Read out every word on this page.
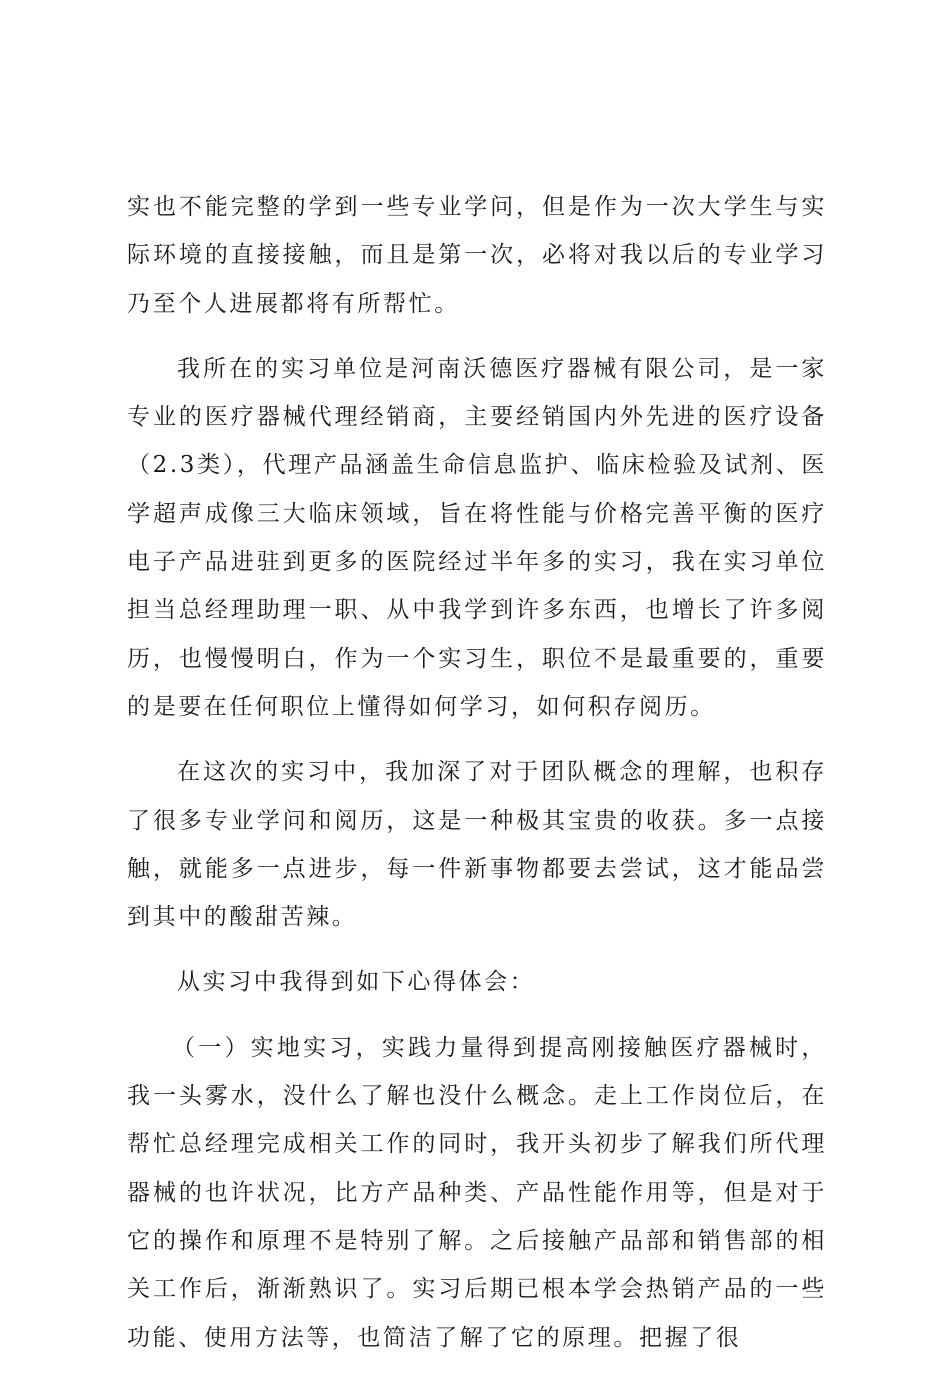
实也不能完整的学到一些专业学问，但是作为一次大学生与实际环境的直接接触，而且是第一次，必将对我以后的专业学习乃至个人进展都将有所帮忙。

我所在的实习单位是河南沃德医疗器械有限公司，是一家专业的医疗器械代理经销商，主要经销国内外先进的医疗设备（2.3类），代理产品涵盖生命信息监护、临床检验及试剂、医学超声成像三大临床领域，旨在将性能与价格完善平衡的医疗电子产品进驻到更多的医院经过半年多的实习，我在实习单位担当总经理助理一职、从中我学到许多东西，也增长了许多阅历，也慢慢明白，作为一个实习生，职位不是最重要的，重要的是要在任何职位上懂得如何学习，如何积存阅历。

在这次的实习中，我加深了对于团队概念的理解，也积存了很多专业学问和阅历，这是一种极其宝贵的收获。多一点接触，就能多一点进步，每一件新事物都要去尝试，这才能品尝到其中的酸甜苦辣。

从实习中我得到如下心得体会：

（一）实地实习，实践力量得到提高刚接触医疗器械时，我一头雾水，没什么了解也没什么概念。走上工作岗位后，在帮忙总经理完成相关工作的同时，我开头初步了解我们所代理器械的也许状况，比方产品种类、产品性能作用等，但是对于它的操作和原理不是特别了解。之后接触产品部和销售部的相关工作后，渐渐熟识了。实习后期已根本学会热销产品的一些功能、使用方法等，也简洁了解了它的原理。把握了很
